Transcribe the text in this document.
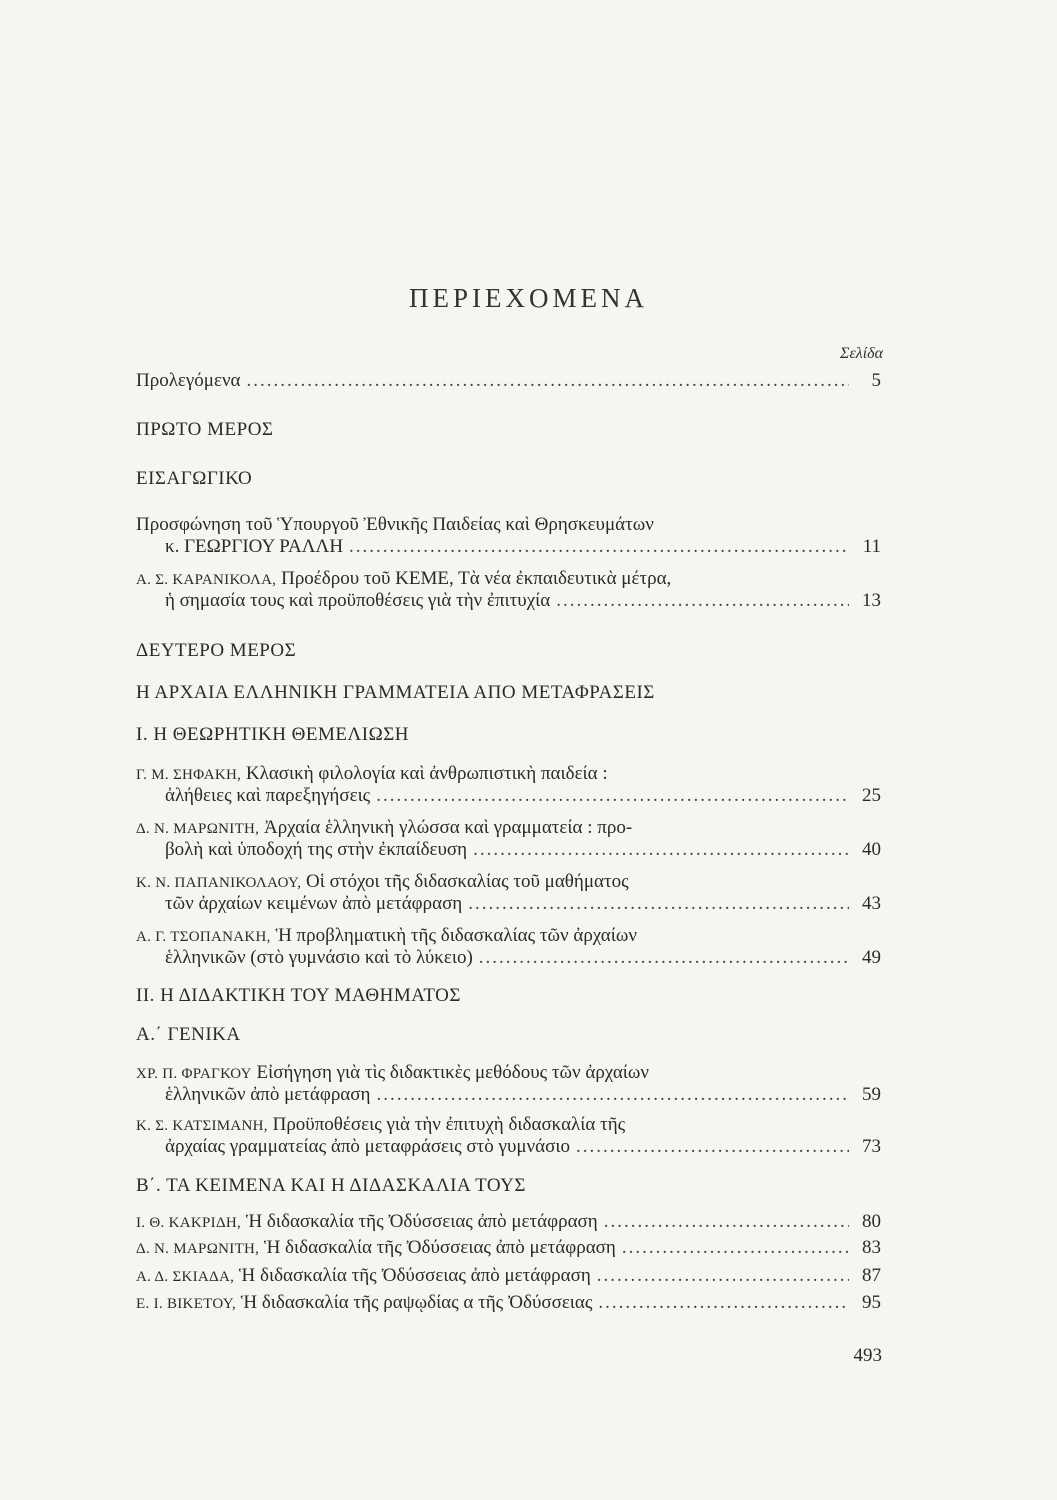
ΠΕΡΙΕΧΟΜΕΝΑ
Σελίδα
Προλεγόμενα .....	5
ΠΡΩΤΟ ΜΕΡΟΣ
ΕΙΣΑΓΩΓΙΚΟ
Προσφώνηση τοῦ Ὑπουργοῦ Ἐθνικῆς Παιδείας καὶ Θρησκευμάτων
κ. ΓΕΩΡΓΙΟΥ ΡΑΛΛΗ .....	11
Α. Σ. ΚΑΡΑΝΙΚΟΛΑ, Προέδρου τοῦ ΚΕΜΕ, Τὰ νέα ἐκπαιδευτικὰ μέτρα,
ἡ σημασία τους καὶ προϋποθέσεις γιὰ τὴν ἐπιτυχία .....	13
ΔΕΥΤΕΡΟ ΜΕΡΟΣ
Η ΑΡΧΑΙΑ ΕΛΛΗΝΙΚΗ ΓΡΑΜΜΑΤΕΙΑ ΑΠΟ ΜΕΤΑΦΡΑΣΕΙΣ
Ι. Η ΘΕΩΡΗΤΙΚΗ ΘΕΜΕΛΙΩΣΗ
Γ. Μ. ΣΗΦΑΚΗ, Κλασικὴ φιλολογία καὶ ἀνθρωπιστικὴ παιδεία :
ἀλήθειες καὶ παρεξηγήσεις .....	25
Δ. Ν. ΜΑΡΩΝΙΤΗ, Ἀρχαία ἑλληνικὴ γλώσσα καὶ γραμματεία : προ-
βολὴ καὶ ὑποδοχή της στὴν ἐκπαίδευση .....	40
Κ. Ν. ΠΑΠΑΝΙΚΟΛΑΟΥ, Οἱ στόχοι τῆς διδασκαλίας τοῦ μαθήματος
τῶν ἀρχαίων κειμένων ἀπὸ μετάφραση .....	43
Α. Γ. ΤΣΟΠΑΝΑΚΗ, Ἡ προβληματικὴ τῆς διδασκαλίας τῶν ἀρχαίων
ἑλληνικῶν (στὸ γυμνάσιο καὶ τὸ λύκειο) .....	49
ΙΙ. Η ΔΙΔΑΚΤΙΚΗ ΤΟΥ ΜΑΘΗΜΑΤΟΣ
Α.΄ ΓΕΝΙΚΑ
ΧΡ. Π. ΦΡΑΓΚΟΥ Εἰσήγηση γιὰ τὶς διδακτικὲς μεθόδους τῶν ἀρχαίων
ἑλληνικῶν ἀπὸ μετάφραση .....	59
Κ. Σ. ΚΑΤΣΙΜΑΝΗ, Προϋποθέσεις γιὰ τὴν ἐπιτυχὴ διδασκαλία τῆς
ἀρχαίας γραμματείας ἀπὸ μεταφράσεις στὸ γυμνάσιο .....	73
Β΄. ΤΑ ΚΕΙΜΕΝΑ ΚΑΙ Η ΔΙΔΑΣΚΑΛΙΑ ΤΟΥΣ
Ι. Θ. ΚΑΚΡΙΔΗ, Ἡ διδασκαλία τῆς Ὀδύσσειας ἀπὸ μετάφραση .....	80
Δ. Ν. ΜΑΡΩΝΙΤΗ, Ἡ διδασκαλία τῆς Ὀδύσσειας ἀπὸ μετάφραση .....	83
Α. Δ. ΣΚΙΑΔΑ, Ἡ διδασκαλία τῆς Ὀδύσσειας ἀπὸ μετάφραση .....	87
Ε. Ι. ΒΙΚΕΤΟΥ, Ἡ διδασκαλία τῆς ραψῳδίας α τῆς Ὀδύσσειας .....	95
493
